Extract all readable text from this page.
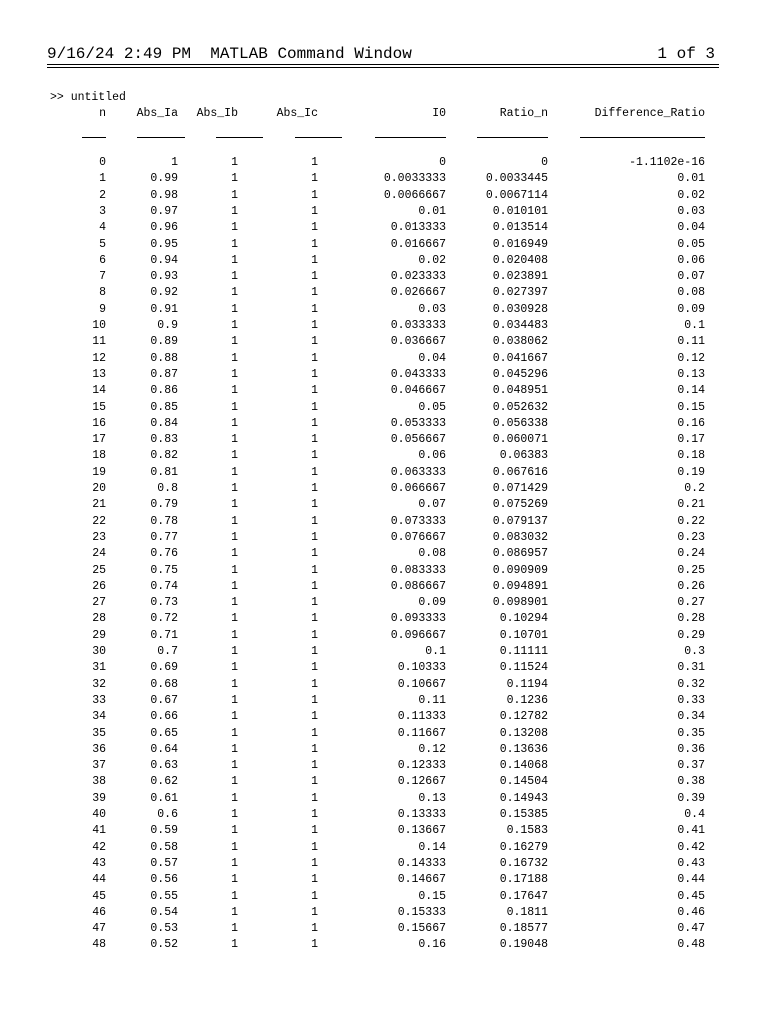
9/16/24 2:49 PM  MATLAB Command Window	1 of 3
>> untitled
n	Abs_Ia Abs_Ib	Abs_Ic	I0	Ratio_n	Difference_Ratio
0	1	1	1	0	0	-1.1102e-16
1	0.99	1	1	0.0033333	0.0033445	0.01
2	0.98	1	1	0.0066667	0.0067114	0.02
3	0.97	1	1	0.01	0.010101	0.03
4	0.96	1	1	0.013333	0.013514	0.04
5	0.95	1	1	0.016667	0.016949	0.05
6	0.94	1	1	0.02	0.020408	0.06
7	0.93	1	1	0.023333	0.023891	0.07
8	0.92	1	1	0.026667	0.027397	0.08
9	0.91	1	1	0.03	0.030928	0.09
10	0.9	1	1	0.033333	0.034483	0.1
11	0.89	1	1	0.036667	0.038062	0.11
12	0.88	1	1	0.04	0.041667	0.12
13	0.87	1	1	0.043333	0.045296	0.13
14	0.86	1	1	0.046667	0.048951	0.14
15	0.85	1	1	0.05	0.052632	0.15
16	0.84	1	1	0.053333	0.056338	0.16
17	0.83	1	1	0.056667	0.060071	0.17
18	0.82	1	1	0.06	0.06383	0.18
19	0.81	1	1	0.063333	0.067616	0.19
20	0.8	1	1	0.066667	0.071429	0.2
21	0.79	1	1	0.07	0.075269	0.21
22	0.78	1	1	0.073333	0.079137	0.22
23	0.77	1	1	0.076667	0.083032	0.23
24	0.76	1	1	0.08	0.086957	0.24
25	0.75	1	1	0.083333	0.090909	0.25
26	0.74	1	1	0.086667	0.094891	0.26
27	0.73	1	1	0.09	0.098901	0.27
28	0.72	1	1	0.093333	0.10294	0.28
29	0.71	1	1	0.096667	0.10701	0.29
30	0.7	1	1	0.1	0.11111	0.3
31	0.69	1	1	0.10333	0.11524	0.31
32	0.68	1	1	0.10667	0.1194	0.32
33	0.67	1	1	0.11	0.1236	0.33
34	0.66	1	1	0.11333	0.12782	0.34
35	0.65	1	1	0.11667	0.13208	0.35
36	0.64	1	1	0.12	0.13636	0.36
37	0.63	1	1	0.12333	0.14068	0.37
38	0.62	1	1	0.12667	0.14504	0.38
39	0.61	1	1	0.13	0.14943	0.39
40	0.6	1	1	0.13333	0.15385	0.4
41	0.59	1	1	0.13667	0.1583	0.41
42	0.58	1	1	0.14	0.16279	0.42
43	0.57	1	1	0.14333	0.16732	0.43
44	0.56	1	1	0.14667	0.17188	0.44
45	0.55	1	1	0.15	0.17647	0.45
46	0.54	1	1	0.15333	0.1811	0.46
47	0.53	1	1	0.15667	0.18577	0.47
48	0.52	1	1	0.16	0.19048	0.48
